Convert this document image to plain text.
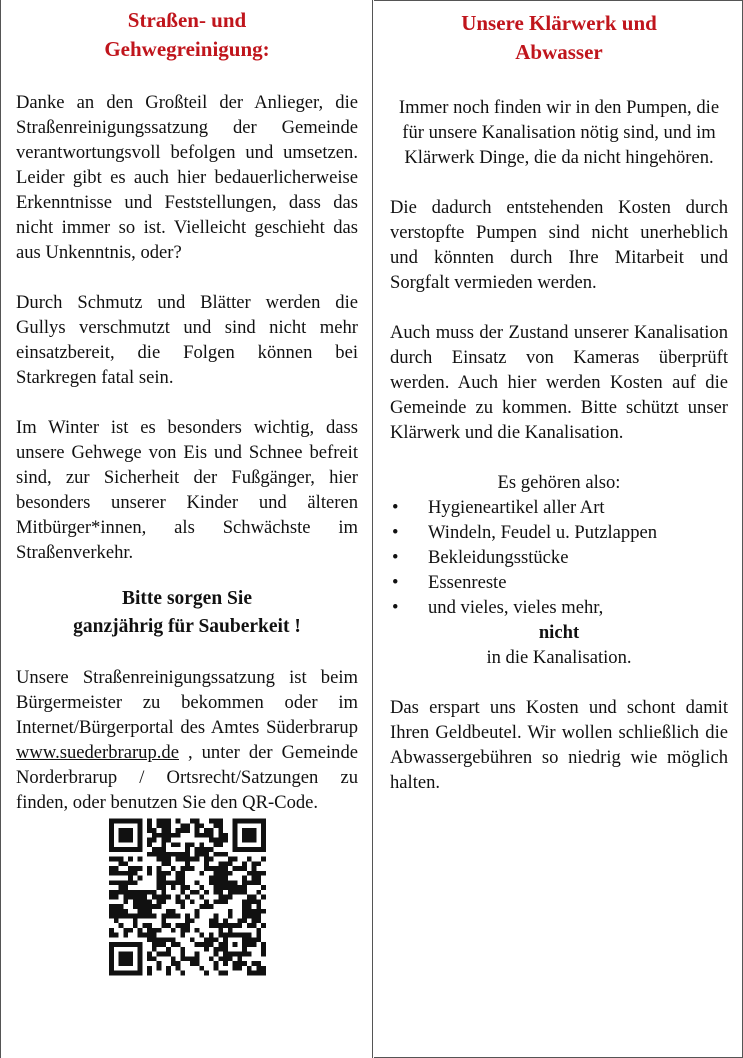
Straßen- und
Gehwegreinigung:

Danke an den Großteil der Anlieger, die Straßenreinigungssatzung der Gemeinde verantwortungsvoll befolgen und umsetzen. Leider gibt es auch hier bedauerlicherweise Erkenntnisse und Feststellungen, dass das nicht immer so ist. Vielleicht geschieht das aus Unkenntnis, oder?

Durch Schmutz und Blätter werden die Gullys verschmutzt und sind nicht mehr einsatzbereit, die Folgen können bei Starkregen fatal sein.

Im Winter ist es besonders wichtig, dass unsere Gehwege von Eis und Schnee befreit sind, zur Sicherheit der Fußgänger, hier besonders unserer Kinder und älteren Mitbürger*innen, als Schwächste im Straßenverkehr.

Bitte sorgen Sie
ganzjährig für Sauberkeit !

Unsere Straßenreinigungssatzung ist beim Bürgermeister zu bekommen oder im Internet/Bürgerportal des Amtes Süderbrarup www.suederbrarup.de , unter der Gemeinde Norderbrarup / Ortsrecht/Satzungen zu finden, oder benutzen Sie den QR-Code.

Unsere Klärwerk und
Abwasser

Immer noch finden wir in den Pumpen, die für unsere Kanalisation nötig sind, und im Klärwerk Dinge, die da nicht hingehören.

Die dadurch entstehenden Kosten durch verstopfte Pumpen sind nicht unerheblich und könnten durch Ihre Mitarbeit und Sorgfalt vermieden werden.

Auch muss der Zustand unserer Kanalisation durch Einsatz von Kameras überprüft werden. Auch hier werden Kosten auf die Gemeinde zu kommen. Bitte schützt unser Klärwerk und die Kanalisation.

Es gehören also:

• Hygieneartikel aller Art
• Windeln, Feudel u. Putzlappen
• Bekleidungsstücke
• Essenreste
• und vieles, vieles mehr,

nicht

in die Kanalisation.

Das erspart uns Kosten und schont damit Ihren Geldbeutel. Wir wollen schließlich die Abwassergebühren so niedrig wie möglich halten.
